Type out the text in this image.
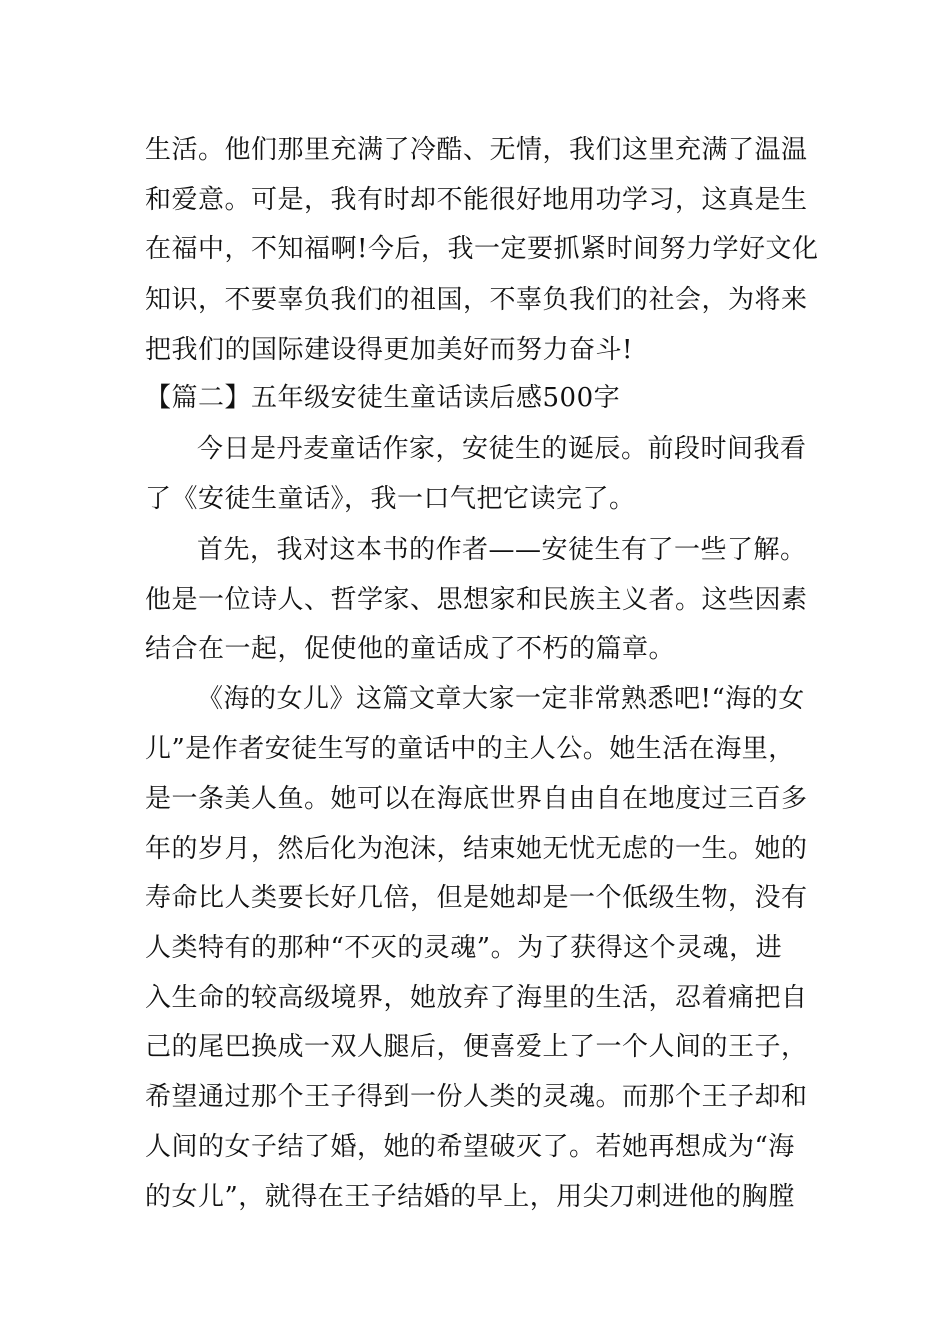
生活。他们那里充满了冷酷、无情，我们这里充满了温温
和爱意。可是，我有时却不能很好地用功学习，这真是生
在福中，不知福啊!今后，我一定要抓紧时间努力学好文化
知识，不要辜负我们的祖国，不辜负我们的社会，为将来
把我们的国际建设得更加美好而努力奋斗!
【篇二】五年级安徒生童话读后感500字
今日是丹麦童话作家，安徒生的诞辰。前段时间我看
了《安徒生童话》，我一口气把它读完了。
首先，我对这本书的作者——安徒生有了一些了解。
他是一位诗人、哲学家、思想家和民族主义者。这些因素
结合在一起，促使他的童话成了不朽的篇章。
《海的女儿》这篇文章大家一定非常熟悉吧!“海的女
儿”是作者安徒生写的童话中的主人公。她生活在海里，
是一条美人鱼。她可以在海底世界自由自在地度过三百多
年的岁月，然后化为泡沫，结束她无忧无虑的一生。她的
寿命比人类要长好几倍，但是她却是一个低级生物，没有
人类特有的那种“不灭的灵魂”。为了获得这个灵魂，进
入生命的较高级境界，她放弃了海里的生活，忍着痛把自
己的尾巴换成一双人腿后，便喜爱上了一个人间的王子，
希望通过那个王子得到一份人类的灵魂。而那个王子却和
人间的女子结了婚，她的希望破灭了。若她再想成为“海
的女儿”，就得在王子结婚的早上，用尖刀刺进他的胸膛
